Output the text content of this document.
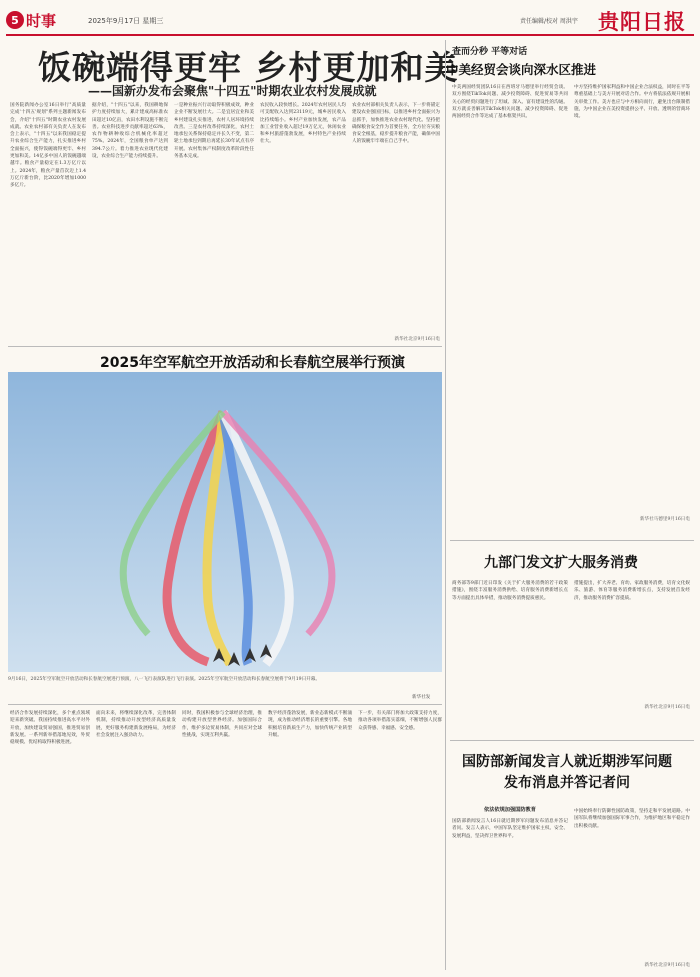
5 时事	2025年9月17日 星期三	责任编辑/校对 周洪宇 贵阳日报
饭碗端得更牢 乡村更加和美
——国新办发布会聚焦"十四五"时期农业农村发展成就
国务院新闻办公室16日举行"高质量完成'十四五'规划"系列主题新闻发布会，介绍"十四五"时期农业农村发展成就。农业农村部有关负责人在发布会上表示，"十四五"以来我国稳定提升农业综合生产能力，扎实推进乡村全面振兴，使得饭碗端得更牢、乡村更加和美。14亿多中国人的饭碗越端越牢。粮食产量稳定在1.3万亿斤以上。2024年，粮食产量首次迈上1.4万亿斤新台阶，比2020年增加1000多亿斤。
据介绍，"十四五"以来，我国耕地保护力度持续加大，累计建成高标准农田超过10亿亩，农田水利设施不断完善。农业科技进步贡献率超过63%，农作物耕种收综合机械化率超过75%。2024年，全国粮食单产达到394.7公斤。着力推进农业现代化建设，农业综合生产能力持续提升。
一是种业振兴行动取得积极成效，种业企业不断发展壮大。二是宜居宜业和美乡村建设扎实推进，农村人居环境持续改善。三是农村改革持续深化，农村土地承包关系保持稳定并长久不变，第二轮土地承包到期后再延长30年试点有序开展。农村集体产权制度改革阶段性任务基本完成。
农民收入较快增长。2024年农村居民人均可支配收入达到23119元，城乡居民收入比持续缩小。乡村产业加快发展，农产品加工业营业收入超过19万亿元，休闲农业和乡村旅游蓬勃发展，乡村特色产业持续壮大。
农业农村部相关负责人表示，下一步将锚定建设农业强国目标，以推进乡村全面振兴为总抓手，加快推进农业农村现代化。坚持把确保粮食安全作为首要任务，全方位夯实粮食安全根基，稳步提升粮食产能，确保中国人的饭碗牢牢端在自己手中。
新华社北京9月16日电
查而分秒 平等对话
中美经贸会谈向深水区推进
中美两国经贸团队16日在西班牙马德里举行经贸会谈。双方围绕TikTok问题、减少投资障碍、促进贸易等共同关心的经贸问题进行了坦诚、深入、富有建设性的沟通。双方就妥善解决TikTok相关问题、减少投资障碍、促进两国经贸合作等达成了基本框架共识。
中方坚持维护国家利益和中国企业合法权益，同时在平等尊重基础上与美方开展对话合作。中方将依法依规开展相关审批工作。美方也应与中方相向而行，避免出台限制措施，为中国企业在美投资提供公平、开放、透明的营商环境。
新华社马德里9月16日电
2025年空军航空开放活动和长春航空展举行预演
9月16日，2025年空军航空开放活动和长春航空展进行预演，八一飞行表演队进行飞行表演。2025年空军航空开放活动和长春航空展将于9月19日开幕。
新华社发
经济合作发展持续深化，多个重点领域迎来新突破。我国持续推进高水平对外开放，加快建设贸易强国，推进贸易创新发展。一系列新举措落地见效，外贸稳规模、优结构取得积极进展。
面向未来，将继续深化改革，完善体制机制，持续推动开放型经济高质量发展，更好服务构建新发展格局，为经济社会发展注入强劲动力。
同时，我国积极参与全球经济治理，推动构建开放型世界经济。加强国际合作，维护多边贸易体制，共同应对全球性挑战，实现互利共赢。
数字经济蓬勃发展，新业态新模式不断涌现，成为推动经济增长的重要引擎。各地积极培育新质生产力，加快传统产业转型升级。
下一步，有关部门将加大政策支持力度，推动各项举措落实落细，不断增强人民群众获得感、幸福感、安全感。
九部门发文扩大服务消费
商务部等9部门近日印发《关于扩大服务消费的若干政策措施》，围绕丰富服务消费供给、培育服务消费新增长点等方面提出具体举措，推动服务消费提质惠民。
措施提出，扩大养老、育幼、家政服务消费，培育文化娱乐、旅游、体育等服务消费新增长点，支持发展首发经济，推动服务消费扩容提质。
新华社北京9月16日电
国防部新闻发言人就近期涉军问题发布消息并答记者问
依法依规加强国防教育
国防部新闻发言人16日就近期涉军问题发布消息并答记者问。发言人表示，中国军队坚定维护国家主权、安全、发展利益，坚决捍卫世界和平。
中国始终奉行防御性国防政策，坚持走和平发展道路。中国军队将继续加强国际军事合作，为维护地区和平稳定作出积极贡献。
新华社北京9月16日电
